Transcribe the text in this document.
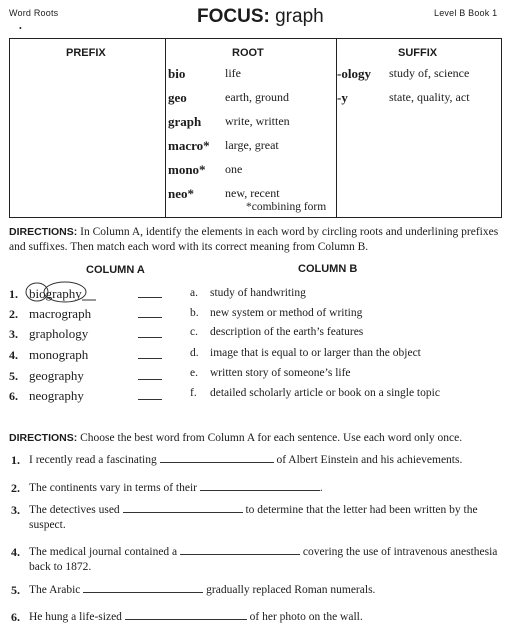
Word Roots	FOCUS: graph	Level B Book 1
•
PREFIX	ROOT	SUFFIX
bio	life
geo	earth, ground
graph write, written
macro* large, great
mono* one
neo*	new, recent
*combining form
-ology study of, science
-y	state, quality, act
DIRECTIONS: In Column A, identify the elements in each word by circling roots and underlining prefixes and suffixes. Then match each word with its correct meaning from Column B.
COLUMN A	COLUMN B
1. biography
2. macrograph
3. graphology
4. monograph
5. geography
6. neography
a. study of handwriting
b. new system or method of writing
c. description of the earth’s features
d. image that is equal to or larger than the object
e. written story of someone’s life
f. detailed scholarly article or book on a single topic
DIRECTIONS: Choose the best word from Column A for each sentence. Use each word only once.
1. I recently read a fascinating	of Albert Einstein and his achievements.
2. The continents vary in terms of their	.
3. The detectives used	to determine that the letter had been written by the suspect.
4. The medical journal contained a	covering the use of intravenous anesthesia back to 1872.
5. The Arabic	gradually replaced Roman numerals.
6. He hung a life-sized	of her photo on the wall.
